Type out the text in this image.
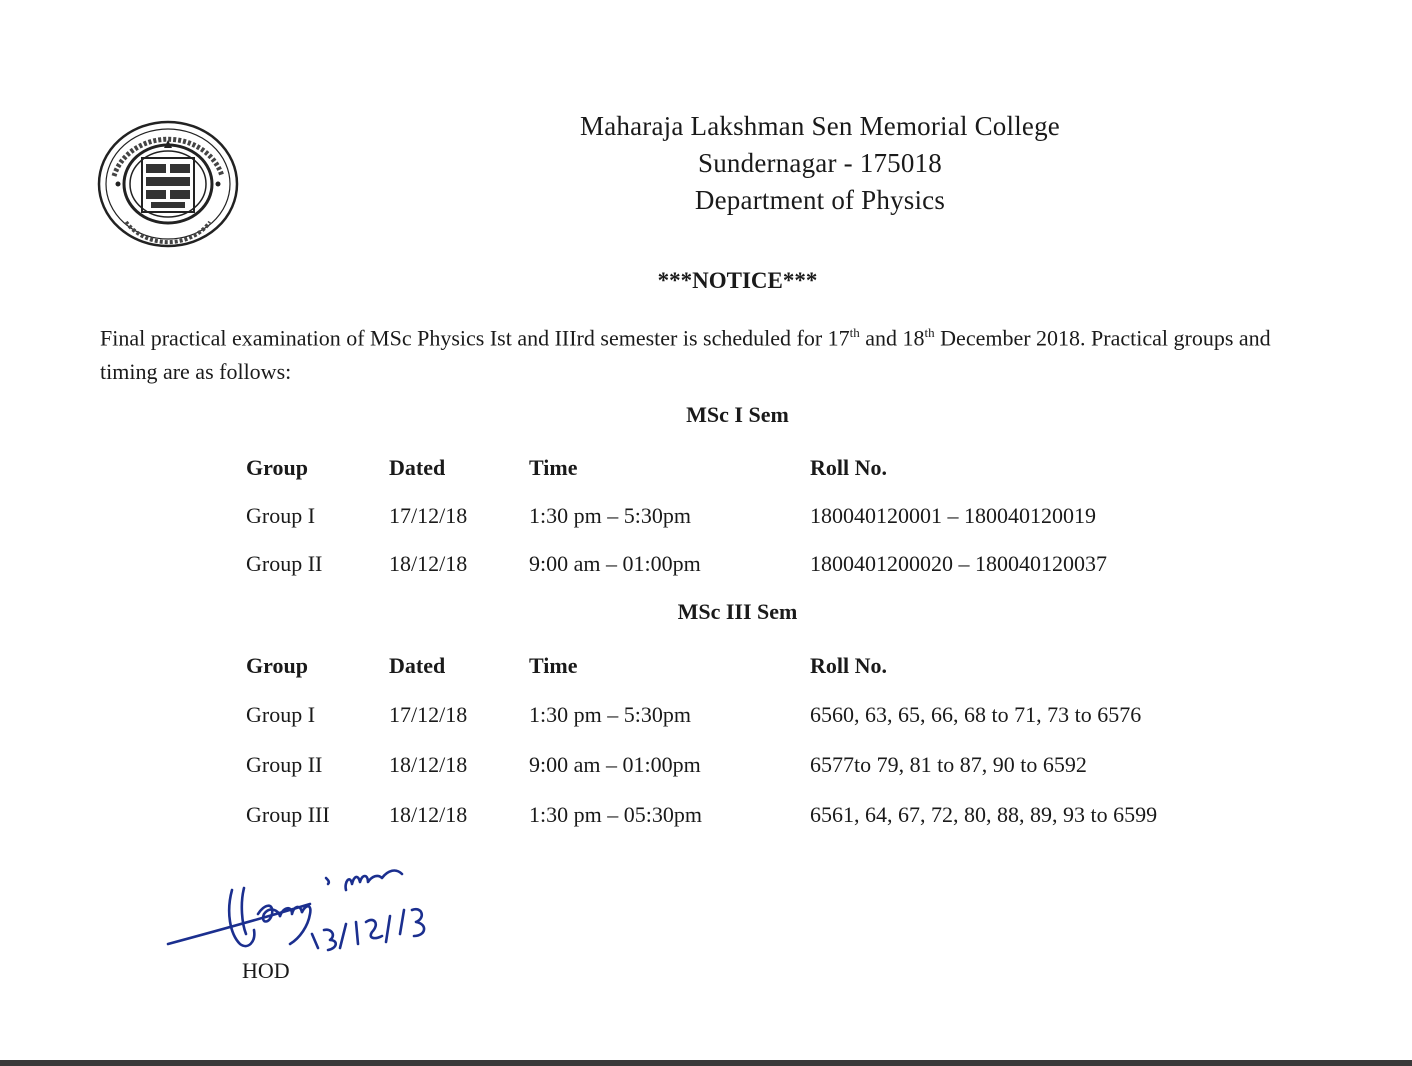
Maharaja Lakshman Sen Memorial College
Sundernagar - 175018
Department of Physics
***NOTICE***
Final practical examination of MSc Physics Ist and IIIrd semester is scheduled for 17th and 18th December 2018. Practical groups and
timing are as follows:
MSc I Sem
Group	Dated	Time	Roll No.
Group I	17/12/18	1:30 pm – 5:30pm	180040120001 – 180040120019
Group II	18/12/18	9:00 am – 01:00pm	1800401200020 – 180040120037
MSc III Sem
Group	Dated	Time	Roll No.
Group I	17/12/18	1:30 pm – 5:30pm	6560, 63, 65, 66, 68 to 71, 73 to 6576
Group II	18/12/18	9:00 am – 01:00pm	6577to 79, 81 to 87, 90 to 6592
Group III	18/12/18	1:30 pm – 05:30pm	6561, 64, 67, 72, 80, 88, 89, 93 to 6599
HOD
